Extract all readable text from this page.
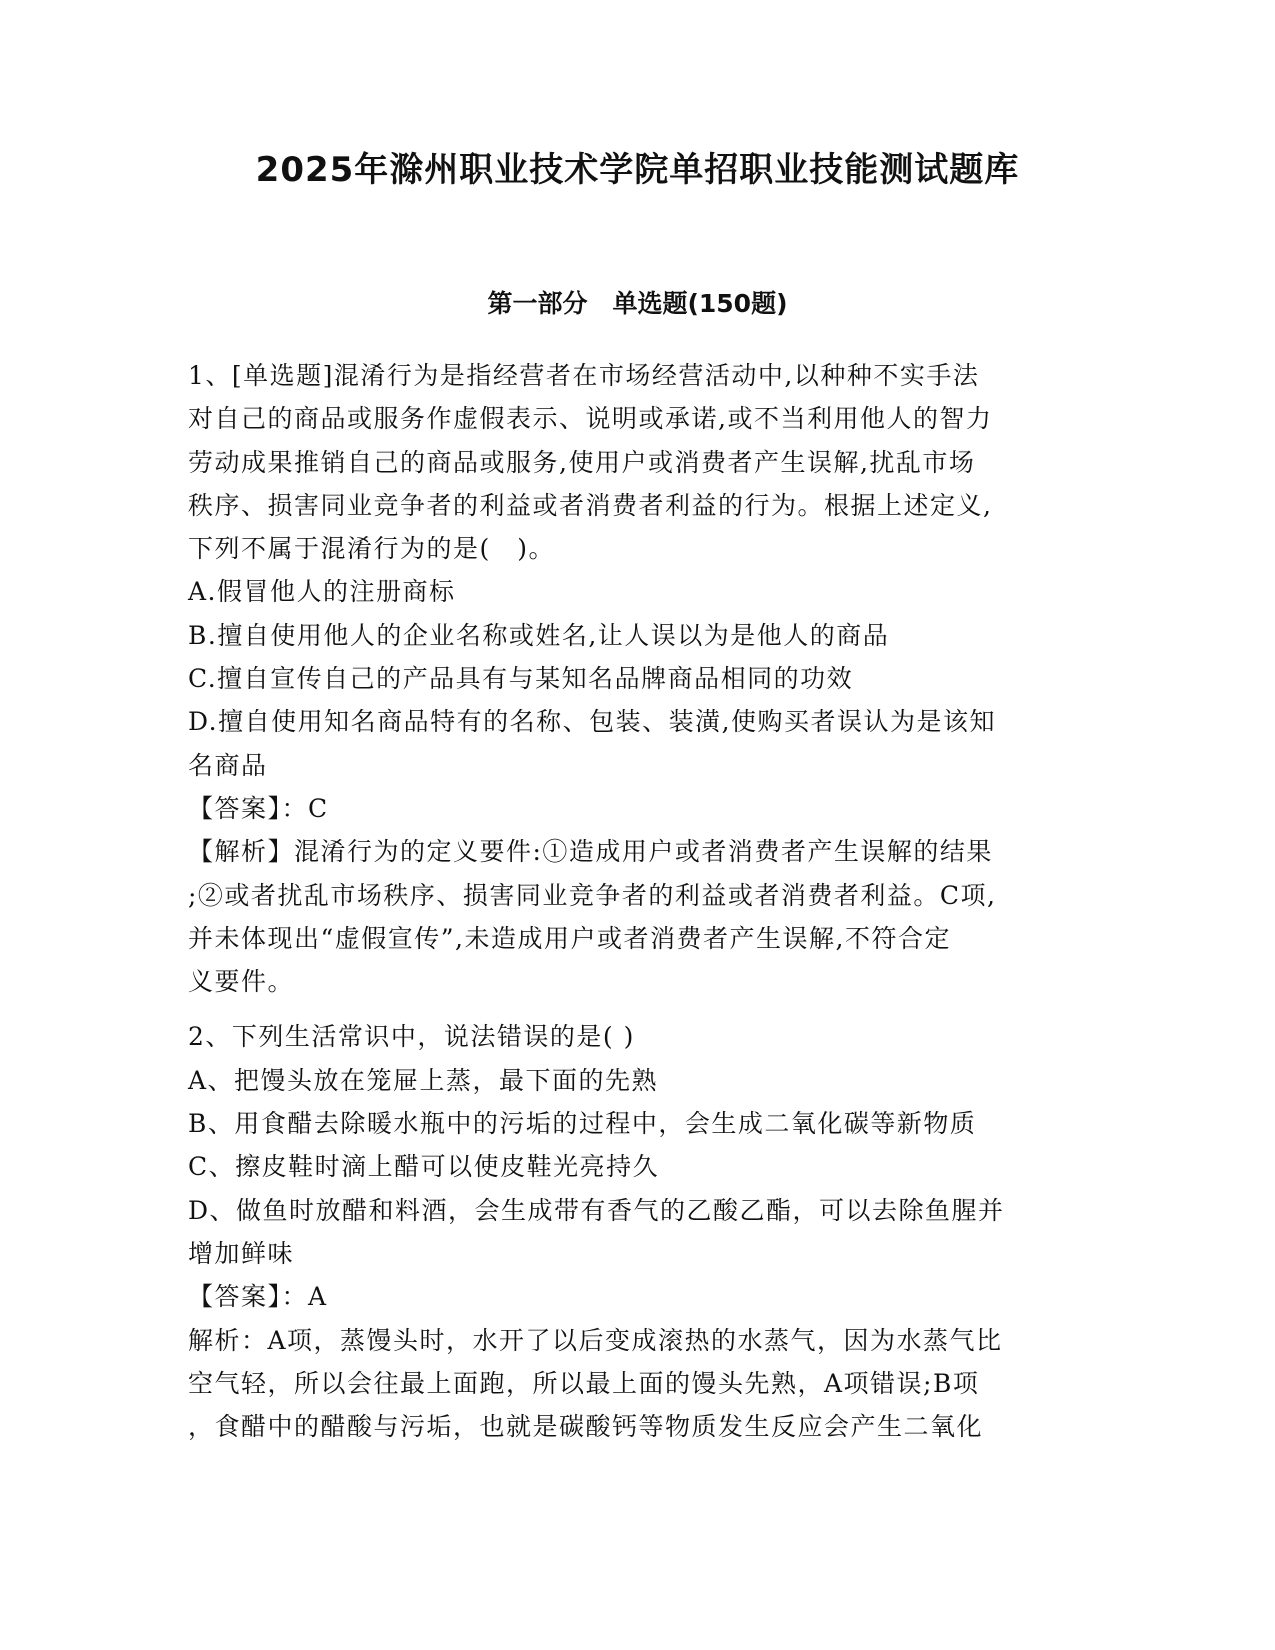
2025年滁州职业技术学院单招职业技能测试题库
第一部分　单选题(150题)
1、[单选题]混淆行为是指经营者在市场经营活动中,以种种不实手法
对自己的商品或服务作虚假表示、说明或承诺,或不当利用他人的智力
劳动成果推销自己的商品或服务,使用户或消费者产生误解,扰乱市场
秩序、损害同业竞争者的利益或者消费者利益的行为。根据上述定义,
下列不属于混淆行为的是(　)。
A.假冒他人的注册商标
B.擅自使用他人的企业名称或姓名,让人误以为是他人的商品
C.擅自宣传自己的产品具有与某知名品牌商品相同的功效
D.擅自使用知名商品特有的名称、包装、装潢,使购买者误认为是该知
名商品
【答案】：C
【解析】混淆行为的定义要件:①造成用户或者消费者产生误解的结果
;②或者扰乱市场秩序、损害同业竞争者的利益或者消费者利益。C项,
并未体现出“虚假宣传”,未造成用户或者消费者产生误解,不符合定
义要件。
2、下列生活常识中，说法错误的是( )
A、把馒头放在笼屉上蒸，最下面的先熟
B、用食醋去除暖水瓶中的污垢的过程中，会生成二氧化碳等新物质
C、擦皮鞋时滴上醋可以使皮鞋光亮持久
D、做鱼时放醋和料酒，会生成带有香气的乙酸乙酯，可以去除鱼腥并
增加鲜味
【答案】：A
解析：A项，蒸馒头时，水开了以后变成滚热的水蒸气，因为水蒸气比
空气轻，所以会往最上面跑，所以最上面的馒头先熟，A项错误;B项
，食醋中的醋酸与污垢，也就是碳酸钙等物质发生反应会产生二氧化
